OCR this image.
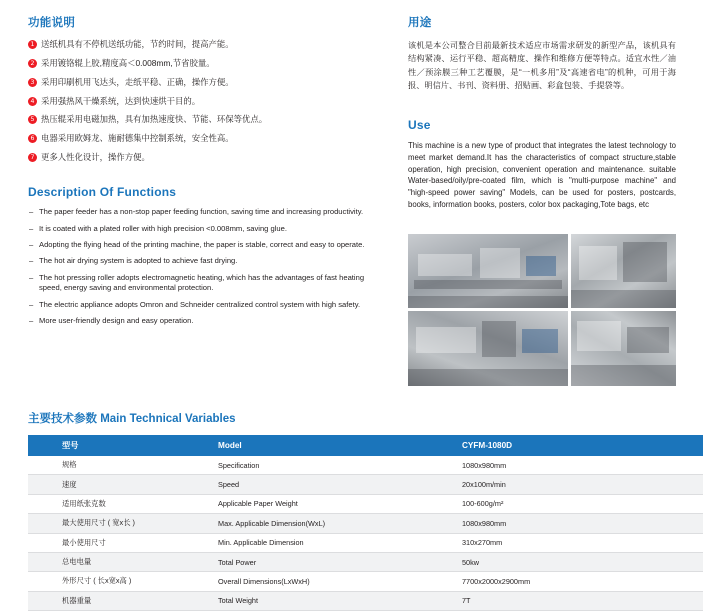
功能说明
1 送纸机具有不停机送纸功能，节约时间，提高产能。
2 采用镀铬辊上胶,精度高＜0.008mm,节省胶量。
3 采用印刷机用飞达头，走纸平稳、正确，操作方便。
4 采用强热风干燥系统，达到快速烘干目的。
5 热压辊采用电磁加热，具有加热速度快、节能、环保等优点。
6 电器采用欧姆龙、施耐德集中控制系统，安全性高。
7 更多人性化设计，操作方便。
Description Of Functions
– The paper feeder has a non-stop paper feeding function, saving time and increasing productivity.
– It is coated with a plated roller with high precision <0.008mm, saving glue.
– Adopting the flying head of the printing machine, the paper is stable, correct and easy to operate.
– The hot air drying system is adopted to achieve fast drying.
– The hot pressing roller adopts electromagnetic heating, which has the advantages of fast heating speed, energy saving and environmental protection.
– The electric appliance adopts Omron and Schneider centralized control system with high safety.
– More user-friendly design and easy operation.
用途

该机是本公司整合目前最新技术适应市场需求研发的新型产品，该机具有结构紧凑、运行平稳、超高精度、操作和维修方便等特点。适宜水性／油性／预涂膜三种工艺覆膜，是“一机多用”及“高速省电”的机种，可用于海报、明信片、书刊、资料册、招贴画、彩盒包装、手提袋等。

Use

This machine is a new type of product that integrates the latest technology to meet market demand.It has the characteristics of compact structure,stable operation, high precision, convenient operation and maintenance. suitable Water-based/oily/pre-coated film, which is "multi-purpose machine" and "high-speed power saving" Models, can be used for posters, postcards, books, information books, posters, color box packaging,Tote bags, etc

主要技术参数 Main Technical Variables
型号	Model	CYFM-1080D
规格	Specification	1080x980mm
速度	Speed	20x100m/min
适用纸张克数	Applicable Paper Weight	100-600g/m²
最大使用尺寸 ( 宽x长 )	Max. Applicable Dimension(WxL)	1080x980mm
最小使用尺寸	Min. Applicable Dimension	310x270mm
总电电量	Total Power	50kw
外形尺寸 ( 长x宽x高 )	Overall Dimensions(LxWxH)	7700x2000x2900mm
机器重量	Total Weight	7T
